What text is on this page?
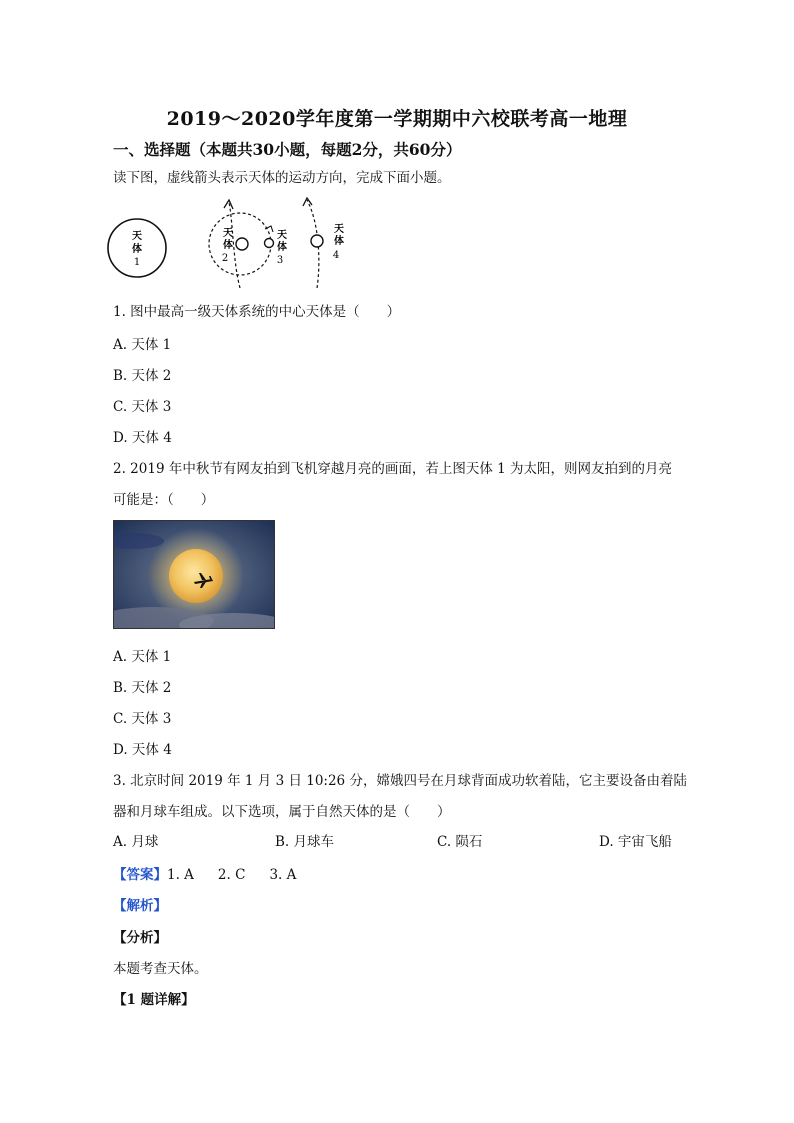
2019～2020学年度第一学期期中六校联考高一地理
一、选择题（本题共30小题，每题2分，共60分）
读下图，虚线箭头表示天体的运动方向，完成下面小题。
天
体
1
天
体
2
天
体
3
天
体
4
1. 图中最高一级天体系统的中心天体是（　　）
A. 天体 1
B. 天体 2
C. 天体 3
D. 天体 4
2. 2019 年中秋节有网友拍到飞机穿越月亮的画面，若上图天体 1 为太阳，则网友拍到的月亮
可能是：（　　）
A. 天体 1
B. 天体 2
C. 天体 3
D. 天体 4
3. 北京时间 2019 年 1 月 3 日 10:26 分，嫦娥四号在月球背面成功软着陆，它主要设备由着陆
器和月球车组成。以下选项，属于自然天体的是（　　）
A. 月球	B. 月球车	C. 陨石	D. 宇宙飞船
【答案】1. A 2. C 3. A
【解析】
【分析】
本题考查天体。
【1 题详解】
